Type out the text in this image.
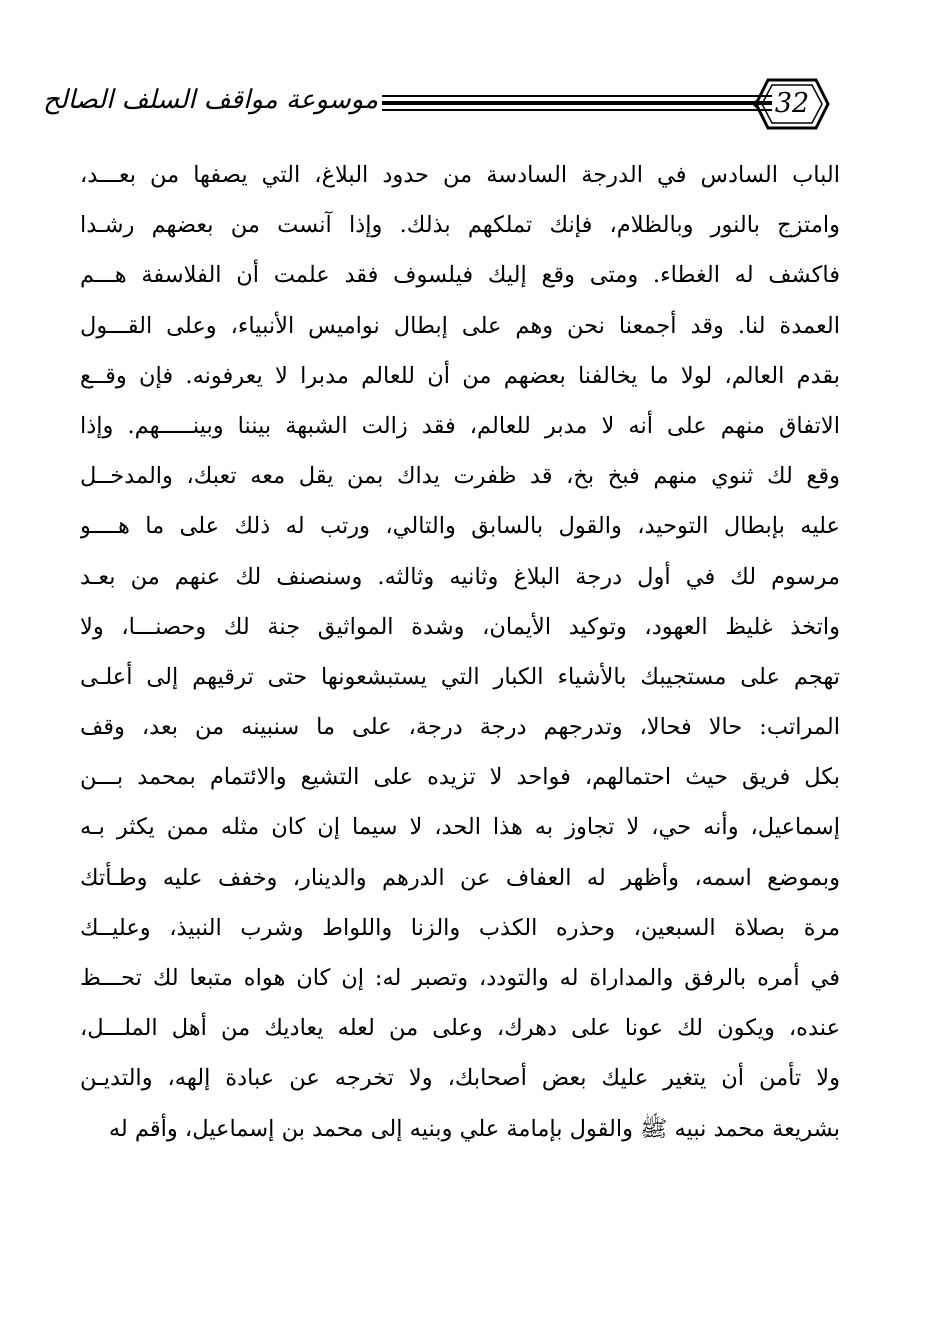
موسوعة مواقف السلف الصالح	32
الباب السادس في الدرجة السادسة من حدود البلاغ، التي يصفها من بعـــد،
وامتزج بالنور وبالظلام، فإنك تملكهم بذلك. وإذا آنست من بعضهم رشـدا
فاكشف له الغطاء. ومتى وقع إليك فيلسوف فقد علمت أن الفلاسفة هـــم
العمدة لنا. وقد أجمعنا نحن وهم على إبطال نواميس الأنبياء، وعلى القـــول
بقدم العالم، لولا ما يخالفنا بعضهم من أن للعالم مدبرا لا يعرفونه. فإن وقــع
الاتفاق منهم على أنه لا مدبر للعالم، فقد زالت الشبهة بيننا وبينـــــهم. وإذا
وقع لك ثنوي منهم فبخ بخ، قد ظفرت يداك بمن يقل معه تعبك، والمدخــل
عليه بإبطال التوحيد، والقول بالسابق والتالي، ورتب له ذلك على ما هــــو
مرسوم لك في أول درجة البلاغ وثانيه وثالثه. وسنصنف لك عنهم من بعـد
واتخذ غليظ العهود، وتوكيد الأيمان، وشدة المواثيق جنة لك وحصنـــا، ولا
تهجم على مستجيبك بالأشياء الكبار التي يستبشعونها حتى ترقيهم إلى أعلـى
المراتب: حالا فحالا، وتدرجهم درجة درجة، على ما سنبينه من بعد، وقف
بكل فريق حيث احتمالهم، فواحد لا تزيده على التشيع والائتمام بمحمد بـــن
إسماعيل، وأنه حي، لا تجاوز به هذا الحد، لا سيما إن كان مثله ممن يكثر بـه
وبموضع اسمه، وأظهر له العفاف عن الدرهم والدينار، وخفف عليه وطـأتك
مرة بصلاة السبعين، وحذره الكذب والزنا واللواط وشرب النبيذ، وعليــك
في أمره بالرفق والمداراة له والتودد، وتصبر له: إن كان هواه متبعا لك تحـــظ
عنده، ويكون لك عونا على دهرك، وعلى من لعله يعاديك من أهل الملـــل،
ولا تأمن أن يتغير عليك بعض أصحابك، ولا تخرجه عن عبادة إلهه، والتديـن
بشريعة محمد نبيه ﷺ والقول بإمامة علي وبنيه إلى محمد بن إسماعيل، وأقم له
